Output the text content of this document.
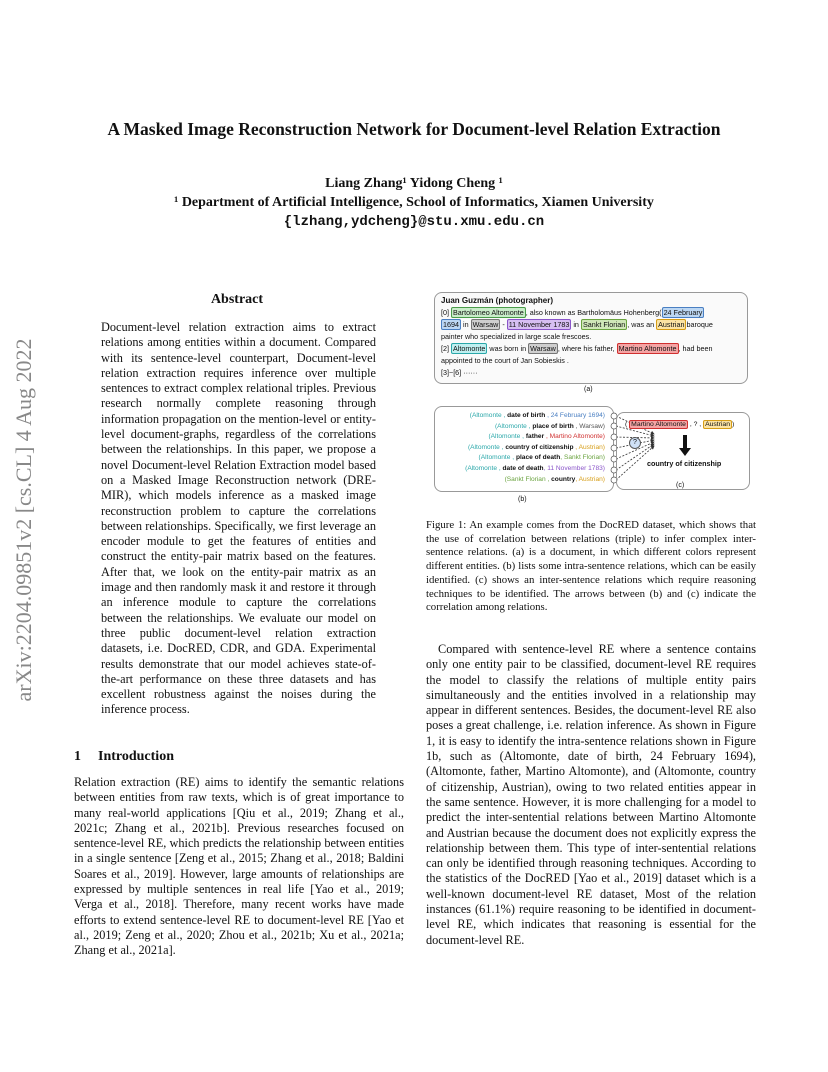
arXiv:2204.09851v2 [cs.CL] 4 Aug 2022
A Masked Image Reconstruction Network for Document-level Relation Extraction
Liang Zhang¹ Yidong Cheng ¹
¹ Department of Artificial Intelligence, School of Informatics, Xiamen University
{lzhang,ydcheng}@stu.xmu.edu.cn
Abstract
Document-level relation extraction aims to extract relations among entities within a document. Compared with its sentence-level counterpart, Document-level relation extraction requires inference over multiple sentences to extract complex relational triples. Previous research normally complete reasoning through information propagation on the mention-level or entity-level document-graphs, regardless of the correlations between the relationships. In this paper, we propose a novel Document-level Relation Extraction model based on a Masked Image Reconstruction network (DRE-MIR), which models inference as a masked image reconstruction problem to capture the correlations between relationships. Specifically, we first leverage an encoder module to get the features of entities and construct the entity-pair matrix based on the features. After that, we look on the entity-pair matrix as an image and then randomly mask it and restore it through an inference module to capture the correlations between the relationships. We evaluate our model on three public document-level relation extraction datasets, i.e. DocRED, CDR, and GDA. Experimental results demonstrate that our model achieves state-of-the-art performance on these three datasets and has excellent robustness against the noises during the inference process.
1 Introduction
Relation extraction (RE) aims to identify the semantic relations between entities from raw texts, which is of great importance to many real-world applications [Qiu et al., 2019; Zhang et al., 2021c; Zhang et al., 2021b]. Previous researches focused on sentence-level RE, which predicts the relationship between entities in a single sentence [Zeng et al., 2015; Zhang et al., 2018; Baldini Soares et al., 2019]. However, large amounts of relationships are expressed by multiple sentences in real life [Yao et al., 2019; Verga et al., 2018]. Therefore, many recent works have made efforts to extend sentence-level RE to document-level RE [Yao et al., 2019; Zeng et al., 2020; Zhou et al., 2021b; Xu et al., 2021a; Zhang et al., 2021a].
Juan Guzmán (photographer)
[0] Bartolomeo Altomonte , also known as Bartholomäus Hohenberg( 24 February
1694 in Warsaw - 11 November 1783 in Sankt Florian , was an Austrian baroque
painter who specialized in large scale frescoes.
[2] Altomonte was born in Warsaw , where his father, Martino Altomonte , had been
appointed to the court of Jan Sobieskis .
[3]~[6] ······
(a)
(Altomonte , date of birth , 24 February 1694)
(Altomonte , place of birth , Warsaw)
(Altomonte , father , Martino Altomonte)
(Altomonte , country of citizenship , Austrian)
(Altomonte , place of death, Sankt Florian)
(Altomonte , date of death, 11 November 1783)
(Sankt Florian , country, Austrian)
(b)
( Martino Altomonte , ? , Austrian )
?
country of citizenship
(c)
Figure 1: An example comes from the DocRED dataset, which shows that the use of correlation between relations (triple) to infer complex inter-sentence relations. (a) is a document, in which different colors represent different entities. (b) lists some intra-sentence relations, which can be easily identified. (c) shows an inter-sentence relations which require reasoning techniques to be identified. The arrows between (b) and (c) indicate the correlation among relations.

Compared with sentence-level RE where a sentence contains only one entity pair to be classified, document-level RE requires the model to classify the relations of multiple entity pairs simultaneously and the entities involved in a relationship may appear in different sentences. Besides, the document-level RE also poses a great challenge, i.e. relation inference. As shown in Figure 1, it is easy to identify the intra-sentence relations shown in Figure 1b, such as (Altomonte, date of birth, 24 February 1694), (Altomonte, father, Martino Altomonte), and (Altomonte, country of citizenship, Austrian), owing to two related entities appear in the same sentence. However, it is more challenging for a model to predict the inter-sentential relations between Martino Altomonte and Austrian because the document does not explicitly express the relationship between them. This type of inter-sentential relations can only be identified through reasoning techniques. According to the statistics of the DocRED [Yao et al., 2019] dataset which is a well-known document-level RE dataset, Most of the relation instances (61.1%) require reasoning to be identified in document-level RE, which indicates that reasoning is essential for the document-level RE.
